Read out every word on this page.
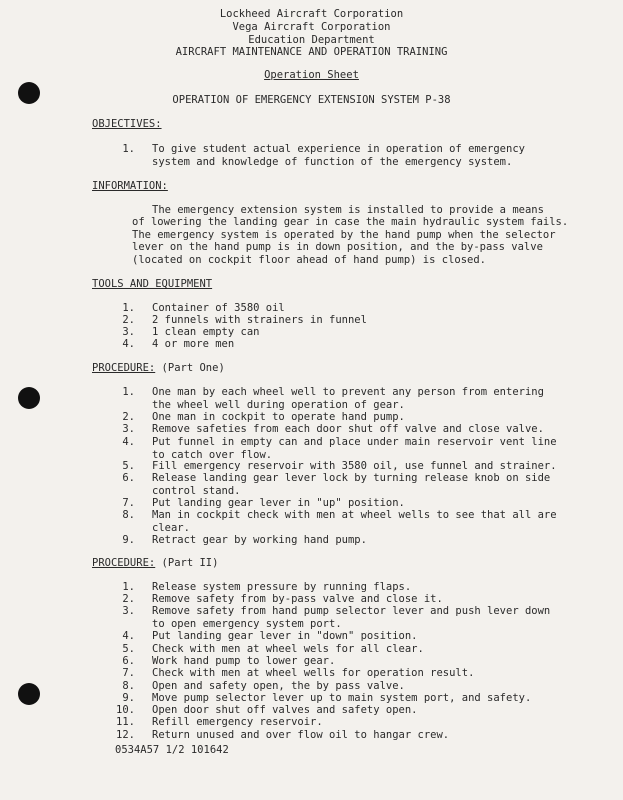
Lockheed Aircraft Corporation
Vega Aircraft Corporation
Education Department
AIRCRAFT MAINTENANCE AND OPERATION TRAINING
Operation Sheet
OPERATION OF EMERGENCY EXTENSION SYSTEM P-38
OBJECTIVES:
1. To give student actual experience in operation of emergency
system and knowledge of function of the emergency system.
INFORMATION:
The emergency extension system is installed to provide a means
of lowering the landing gear in case the main hydraulic system fails.
The emergency system is operated by the hand pump when the selector
lever on the hand pump is in down position, and the by-pass valve
(located on cockpit floor ahead of hand pump) is closed.
TOOLS AND EQUIPMENT
1. Container of 3580 oil
2. 2 funnels with strainers in funnel
3. 1 clean empty can
4. 4 or more men
PROCEDURE: (Part One)
1. One man by each wheel well to prevent any person from entering
the wheel well during operation of gear.
2. One man in cockpit to operate hand pump.
3. Remove safeties from each door shut off valve and close valve.
4. Put funnel in empty can and place under main reservoir vent line
to catch over flow.
5. Fill emergency reservoir with 3580 oil, use funnel and strainer.
6. Release landing gear lever lock by turning release knob on side
control stand.
7. Put landing gear lever in "up" position.
8. Man in cockpit check with men at wheel wells to see that all are
clear.
9. Retract gear by working hand pump.
PROCEDURE: (Part II)
1. Release system pressure by running flaps.
2. Remove safety from by-pass valve and close it.
3. Remove safety from hand pump selector lever and push lever down
to open emergency system port.
4. Put landing gear lever in "down" position.
5. Check with men at wheel wels for all clear.
6. Work hand pump to lower gear.
7. Check with men at wheel wells for operation result.
8. Open and safety open, the by pass valve.
9. Move pump selector lever up to main system port, and safety.
10. Open door shut off valves and safety open.
11. Refill emergency reservoir.
12. Return unused and over flow oil to hangar crew.
0534A57 1/2 101642
